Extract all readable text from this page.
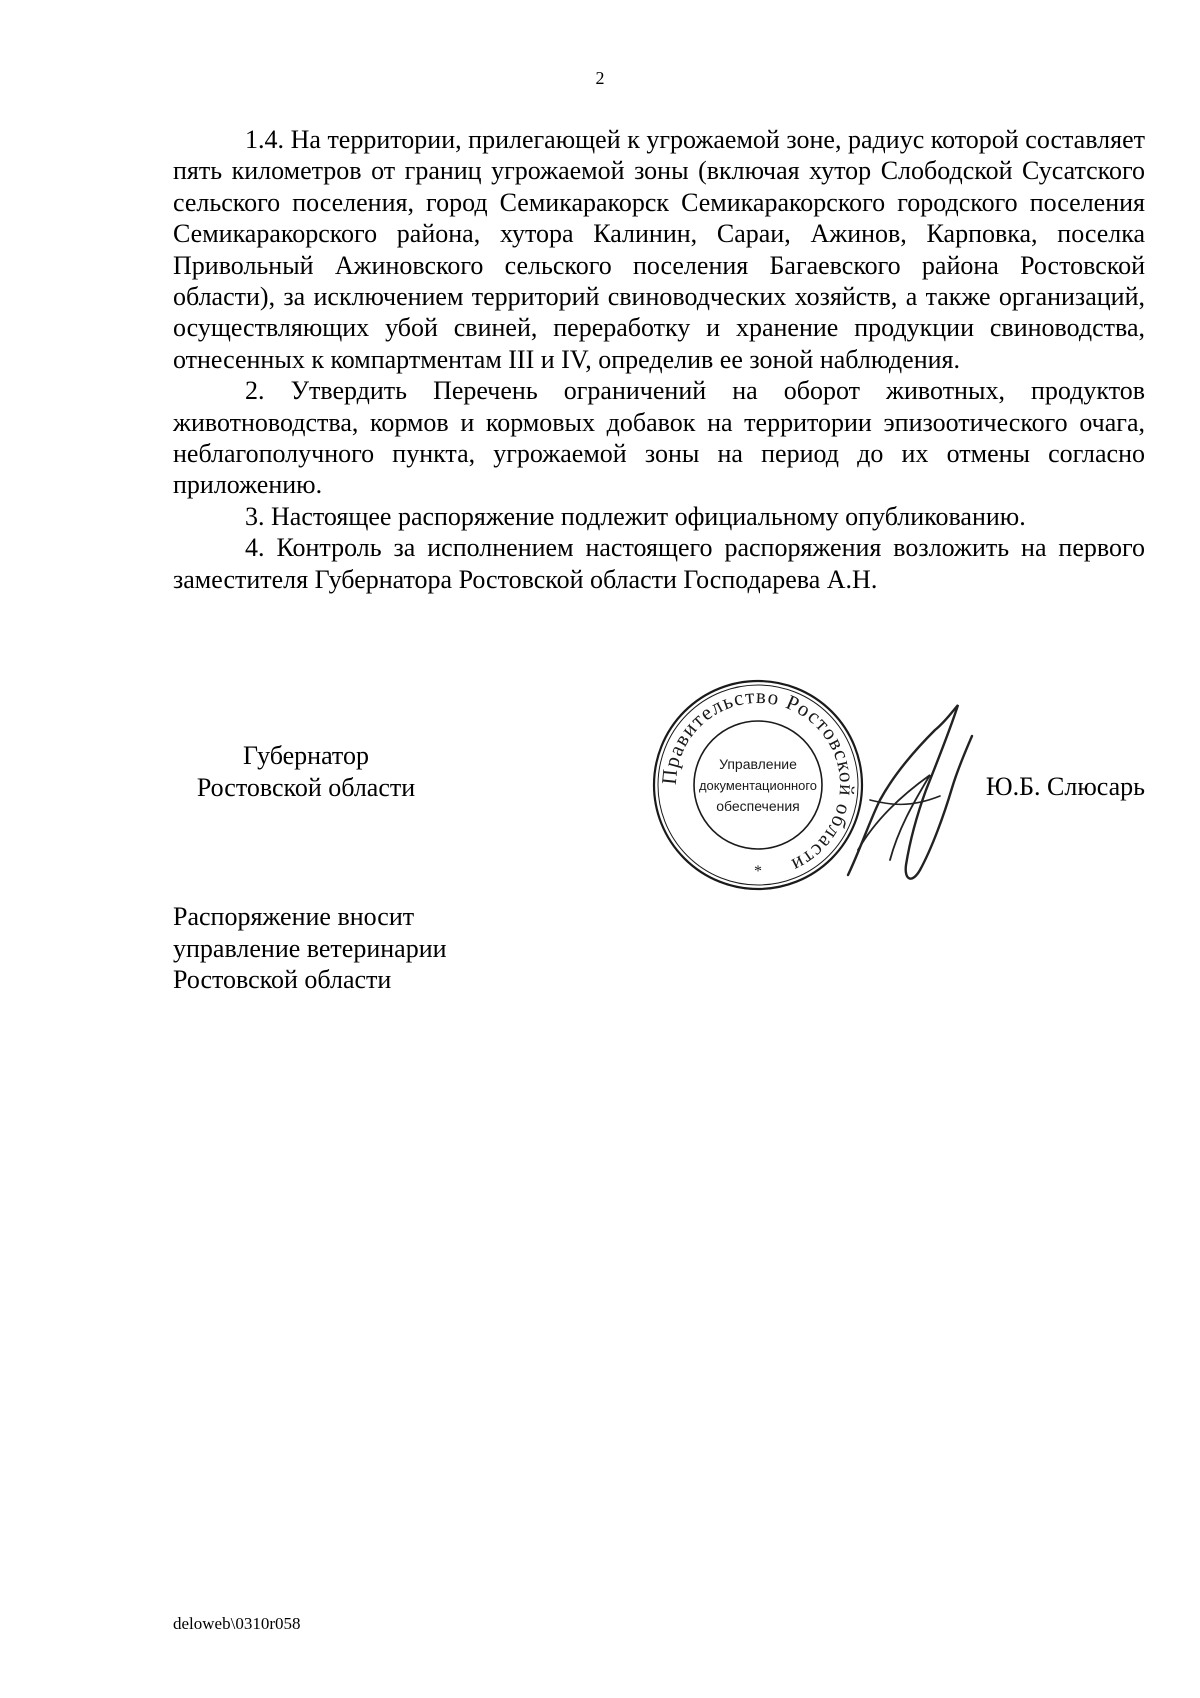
2

1.4. На территории, прилегающей к угрожаемой зоне, радиус которой составляет пять километров от границ угрожаемой зоны (включая хутор Слободской Сусатского сельского поселения, город Семикаракорск Семикаракорского городского поселения Семикаракорского района, хутора Калинин, Сараи, Ажинов, Карповка, поселка Привольный Ажиновского сельского поселения Багаевского района Ростовской области), за исключением территорий свиноводческих хозяйств, а также организаций, осуществляющих убой свиней, переработку и хранение продукции свиноводства, отнесенных к компартментам III и IV, определив ее зоной наблюдения.

2. Утвердить Перечень ограничений на оборот животных, продуктов животноводства, кормов и кормовых добавок на территории эпизоотического очага, неблагополучного пункта, угрожаемой зоны на период до их отмены согласно приложению.

3. Настоящее распоряжение подлежит официальному опубликованию.

4. Контроль за исполнением настоящего распоряжения возложить на первого заместителя Губернатора Ростовской области Господарева А.Н.

Губернатор
Ростовской области	Правительство Ростовской области
Управление
документационного
обеспечения
*
Ю.Б. Слюсарь
Распоряжение вносит
управление ветеринарии
Ростовской области
deloweb\0310r058
